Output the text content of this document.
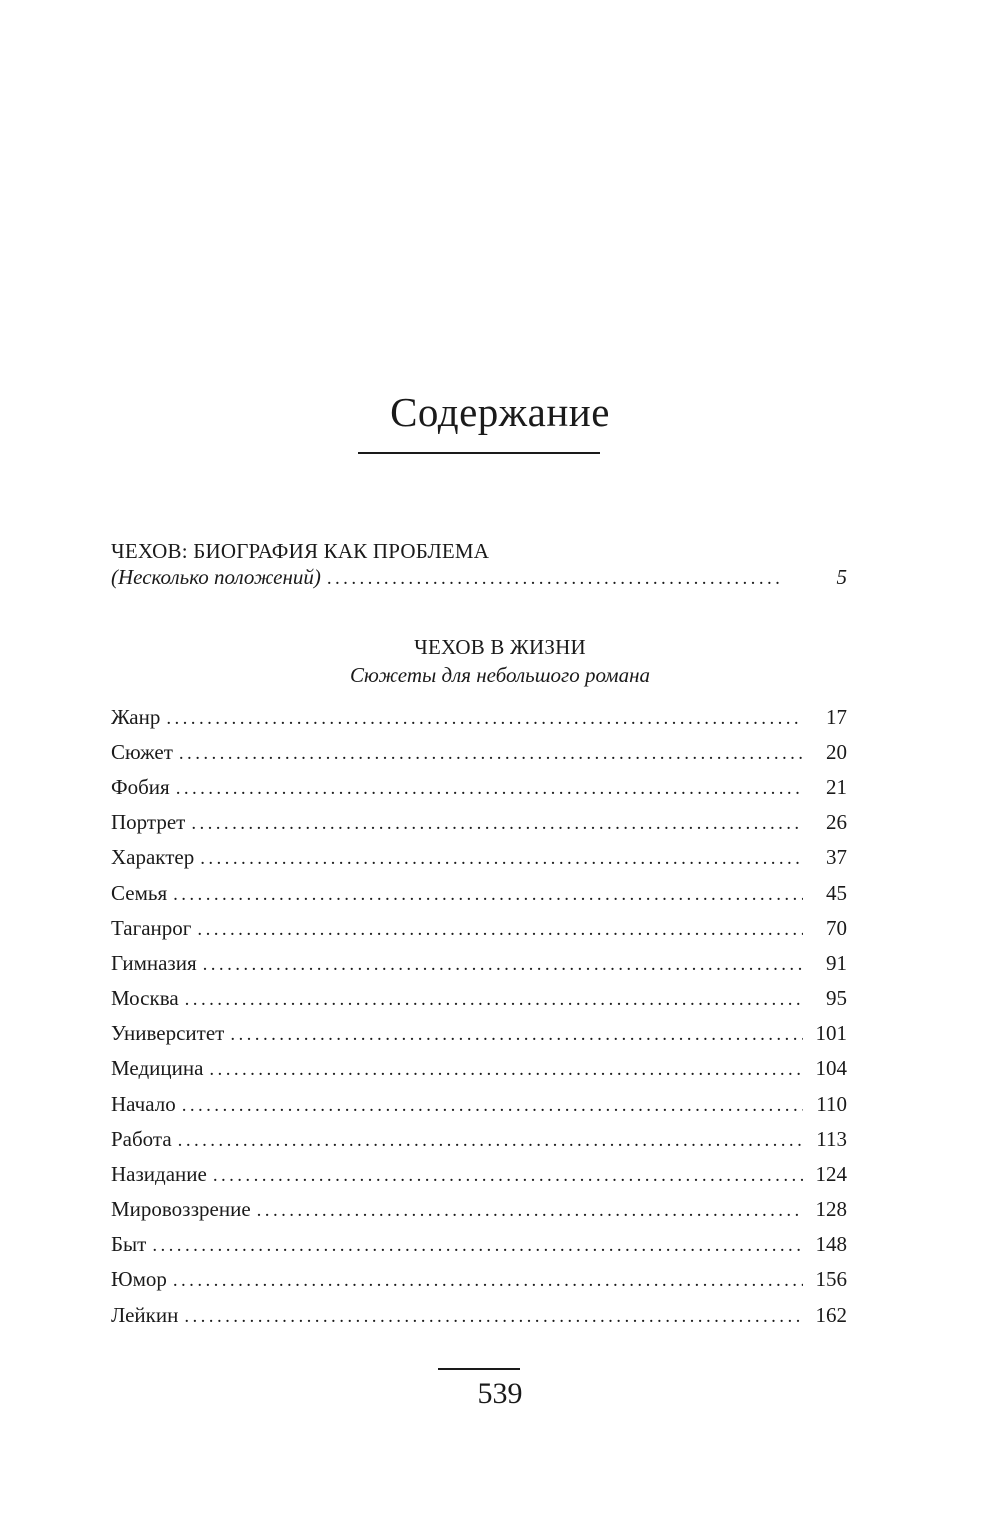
Содержание
ЧЕХОВ: БИОГРАФИЯ КАК ПРОБЛЕМА
(Несколько положений) .....	5
ЧЕХОВ В ЖИЗНИ
Сюжеты для небольшого романа
Жанр .....	17
Сюжет .....	20
Фобия .....	21
Портрет .....	26
Характер .....	37
Семья .....	45
Таганрог .....	70
Гимназия .....	91
Москва .....	95
Университет .....	101
Медицина .....	104
Начало .....	110
Работа .....	113
Назидание .....	124
Мировоззрение .....	128
Быт .....	148
Юмор .....	156
Лейкин .....	162
539
